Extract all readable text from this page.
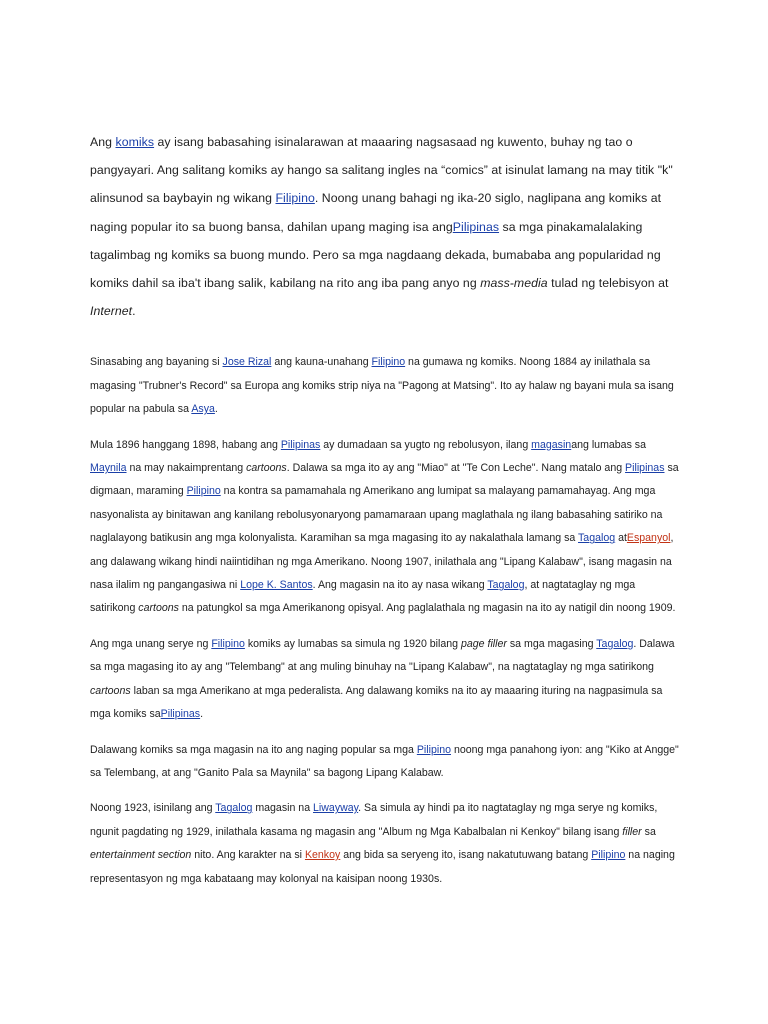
Ang komiks ay isang babasahing isinalarawan at maaaring nagsasaad ng kuwento, buhay ng tao o pangyayari. Ang salitang komiks ay hango sa salitang ingles na “comics” at isinulat lamang na may titik "k" alinsunod sa baybayin ng wikang Filipino. Noong unang bahagi ng ika-20 siglo, naglipana ang komiks at naging popular ito sa buong bansa, dahilan upang maging isa angPilipinas sa mga pinakamalalaking tagalimbag ng komiks sa buong mundo. Pero sa mga nagdaang dekada, bumababa ang popularidad ng komiks dahil sa iba't ibang salik, kabilang na rito ang iba pang anyo ng mass-media tulad ng telebisyon at Internet.

Sinasabing ang bayaning si Jose Rizal ang kauna-unahang Filipino na gumawa ng komiks. Noong 1884 ay inilathala sa magasing "Trubner's Record" sa Europa ang komiks strip niya na "Pagong at Matsing". Ito ay halaw ng bayani mula sa isang popular na pabula sa Asya.

Mula 1896 hanggang 1898, habang ang Pilipinas ay dumadaan sa yugto ng rebolusyon, ilang magasinang lumabas sa Maynila na may nakaimprentang cartoons. Dalawa sa mga ito ay ang "Miao" at "Te Con Leche". Nang matalo ang Pilipinas sa digmaan, maraming Pilipino na kontra sa pamamahala ng Amerikano ang lumipat sa malayang pamamahayag. Ang mga nasyonalista ay binitawan ang kanilang rebolusyonaryong pamamaraan upang maglathala ng ilang babasahing satiriko na naglalayong batikusin ang mga kolonyalista. Karamihan sa mga magasing ito ay nakalathala lamang sa Tagalog atEspanyol, ang dalawang wikang hindi naiintidihan ng mga Amerikano. Noong 1907, inilathala ang "Lipang Kalabaw", isang magasin na nasa ilalim ng pangangasiwa ni Lope K. Santos. Ang magasin na ito ay nasa wikang Tagalog, at nagtataglay ng mga satirikong cartoons na patungkol sa mga Amerikanong opisyal. Ang paglalathala ng magasin na ito ay natigil din noong 1909.

Ang mga unang serye ng Filipino komiks ay lumabas sa simula ng 1920 bilang page filler sa mga magasing Tagalog. Dalawa sa mga magasing ito ay ang "Telembang" at ang muling binuhay na "Lipang Kalabaw", na nagtataglay ng mga satirikong cartoons laban sa mga Amerikano at mga pederalista. Ang dalawang komiks na ito ay maaaring ituring na nagpasimula sa mga komiks saPilipinas.

Dalawang komiks sa mga magasin na ito ang naging popular sa mga Pilipino noong mga panahong iyon: ang "Kiko at Angge" sa Telembang, at ang "Ganito Pala sa Maynila" sa bagong Lipang Kalabaw.

Noong 1923, isinilang ang Tagalog magasin na Liwayway. Sa simula ay hindi pa ito nagtataglay ng mga serye ng komiks, ngunit pagdating ng 1929, inilathala kasama ng magasin ang "Album ng Mga Kabalbalan ni Kenkoy" bilang isang filler sa entertainment section nito. Ang karakter na si Kenkoy ang bida sa seryeng ito, isang nakatutuwang batang Pilipino na naging representasyon ng mga kabataang may kolonyal na kaisipan noong 1930s.
